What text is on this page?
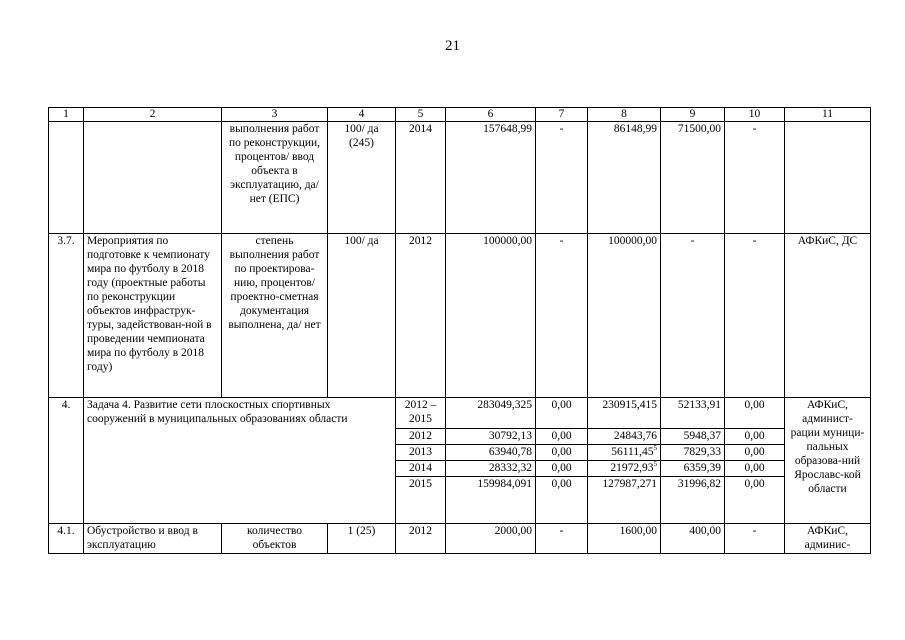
21
1	2	3	4	5	6	7	8	9	10	11
		выполнения работ по реконструкции, процентов/ ввод объекта в эксплуатацию, да/ нет (ЕПС)	100/ да (245)	2014	157648,99	-	86148,99	71500,00	-	
3.7.	Мероприятия по подготовке к чемпионату мира по футболу в 2018 году (проектные работы по реконструкции объектов инфраструк-туры, задействован-ной в проведении чемпионата мира по футболу в 2018 году)	степень выполнения работ по проектирова-нию, процентов/ проектно-сметная документация выполнена, да/ нет	100/ да	2012	100000,00	-	100000,00	-	-	АФКиС, ДС
4.	Задача 4. Развитие сети плоскостных спортивных сооружений в муниципальных образованиях области			2012 – 2015	283049,325	0,00	230915,415	52133,91	0,00	АФКиС, админист-рации муници-пальных образова-ний Ярославс-кой области
				2012	30792,13	0,00	24843,76	5948,37	0,00	
				2013	63940,78	0,00	56111,45$^5$	7829,33	0,00	
				2014	28332,32	0,00	21972,93$^5$	6359,39	0,00	
				2015	159984,091	0,00	127987,271	31996,82	0,00	
4.1.	Обустройство и ввод в эксплуатацию	количество объектов	1 (25)	2012	2000,00	-	1600,00	400,00	-	АФКиС, админис-
